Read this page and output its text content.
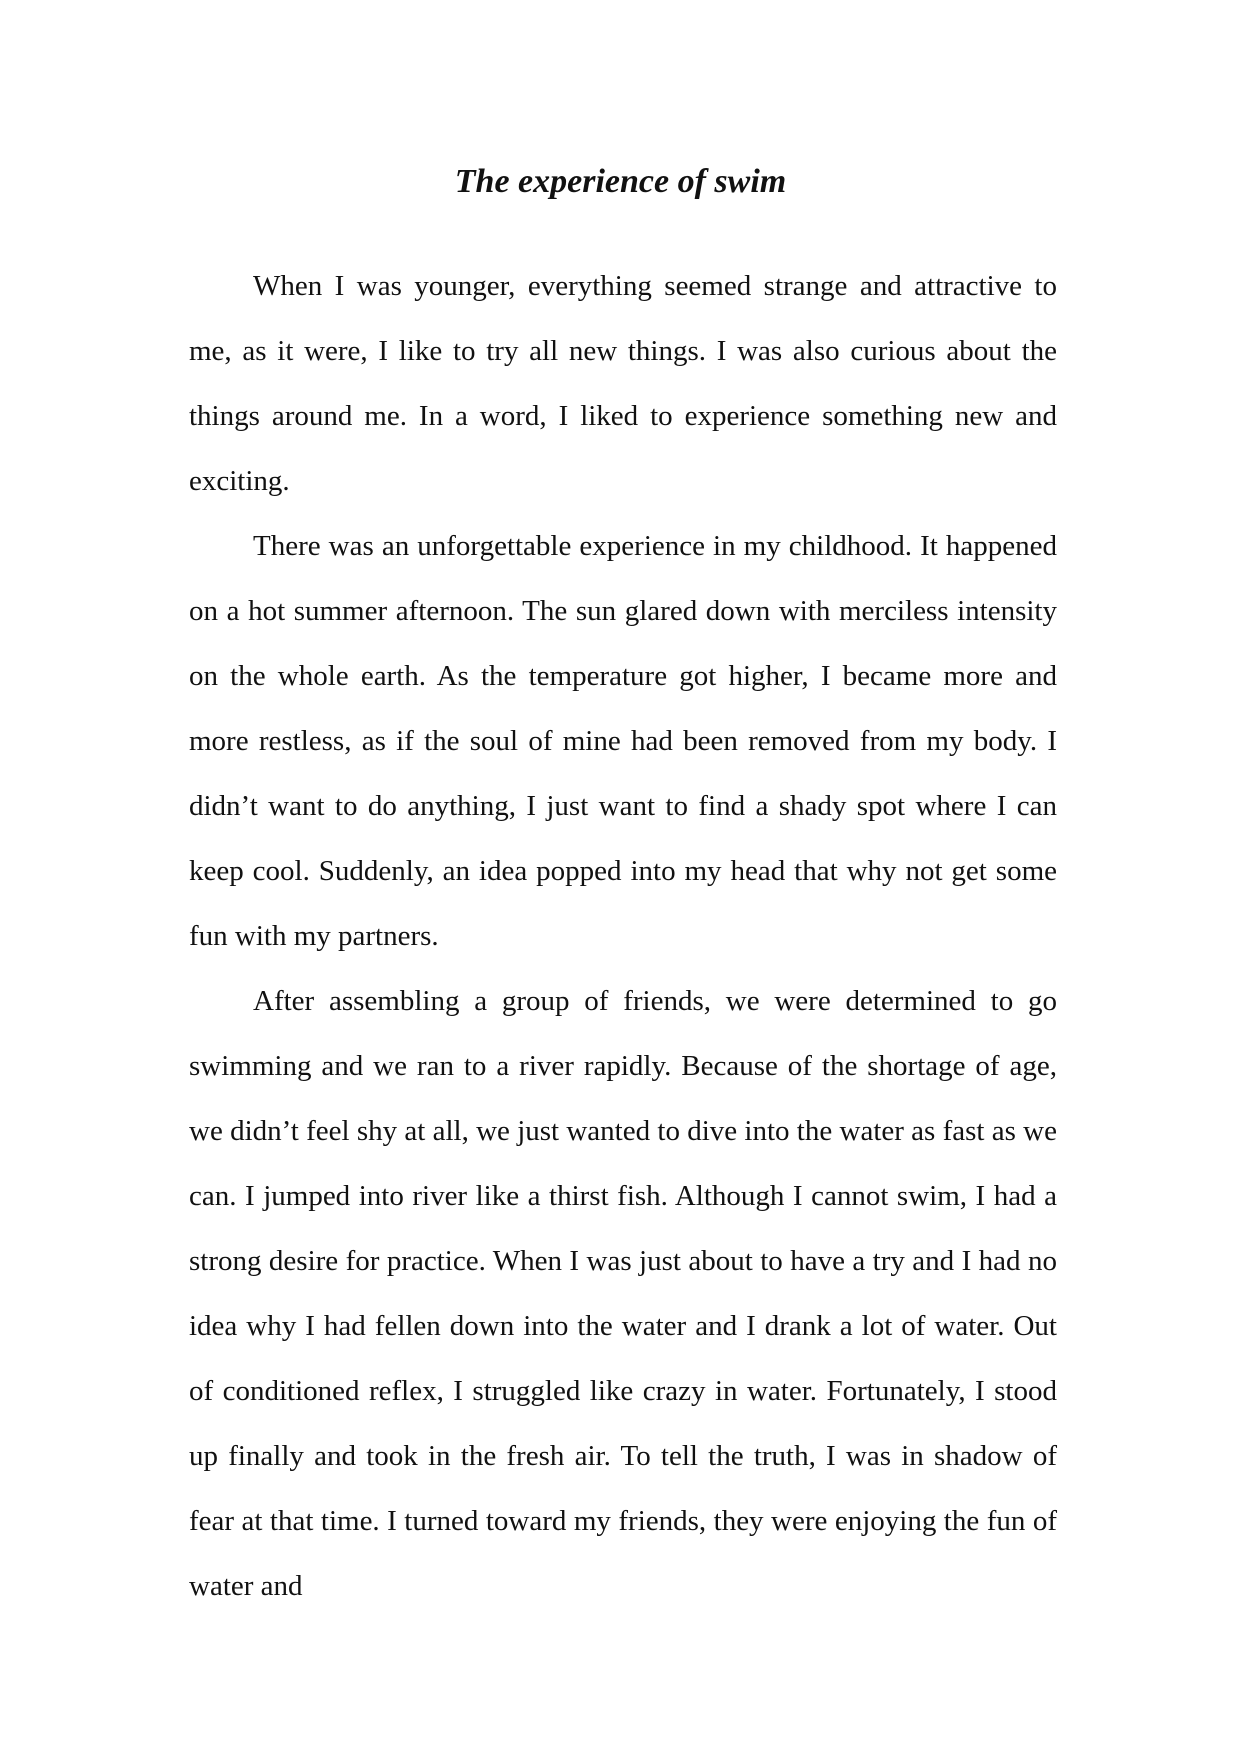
The experience of swim

When I was younger, everything seemed strange and attractive to me, as it were, I like to try all new things. I was also curious about the things around me. In a word, I liked to experience something new and exciting.

There was an unforgettable experience in my childhood. It happened on a hot summer afternoon. The sun glared down with merciless intensity on the whole earth. As the temperature got higher, I became more and more restless, as if the soul of mine had been removed from my body. I didn’t want to do anything, I just want to find a shady spot where I can keep cool. Suddenly, an idea popped into my head that why not get some fun with my partners.

After assembling a group of friends, we were determined to go swimming and we ran to a river rapidly. Because of the shortage of age, we didn’t feel shy at all, we just wanted to dive into the water as fast as we can. I jumped into river like a thirst fish. Although I cannot swim, I had a strong desire for practice. When I was just about to have a try and I had no idea why I had fellen down into the water and I drank a lot of water. Out of conditioned reflex, I struggled like crazy in water. Fortunately, I stood up finally and took in the fresh air. To tell the truth, I was in shadow of fear at that time. I turned toward my friends, they were enjoying the fun of water and
